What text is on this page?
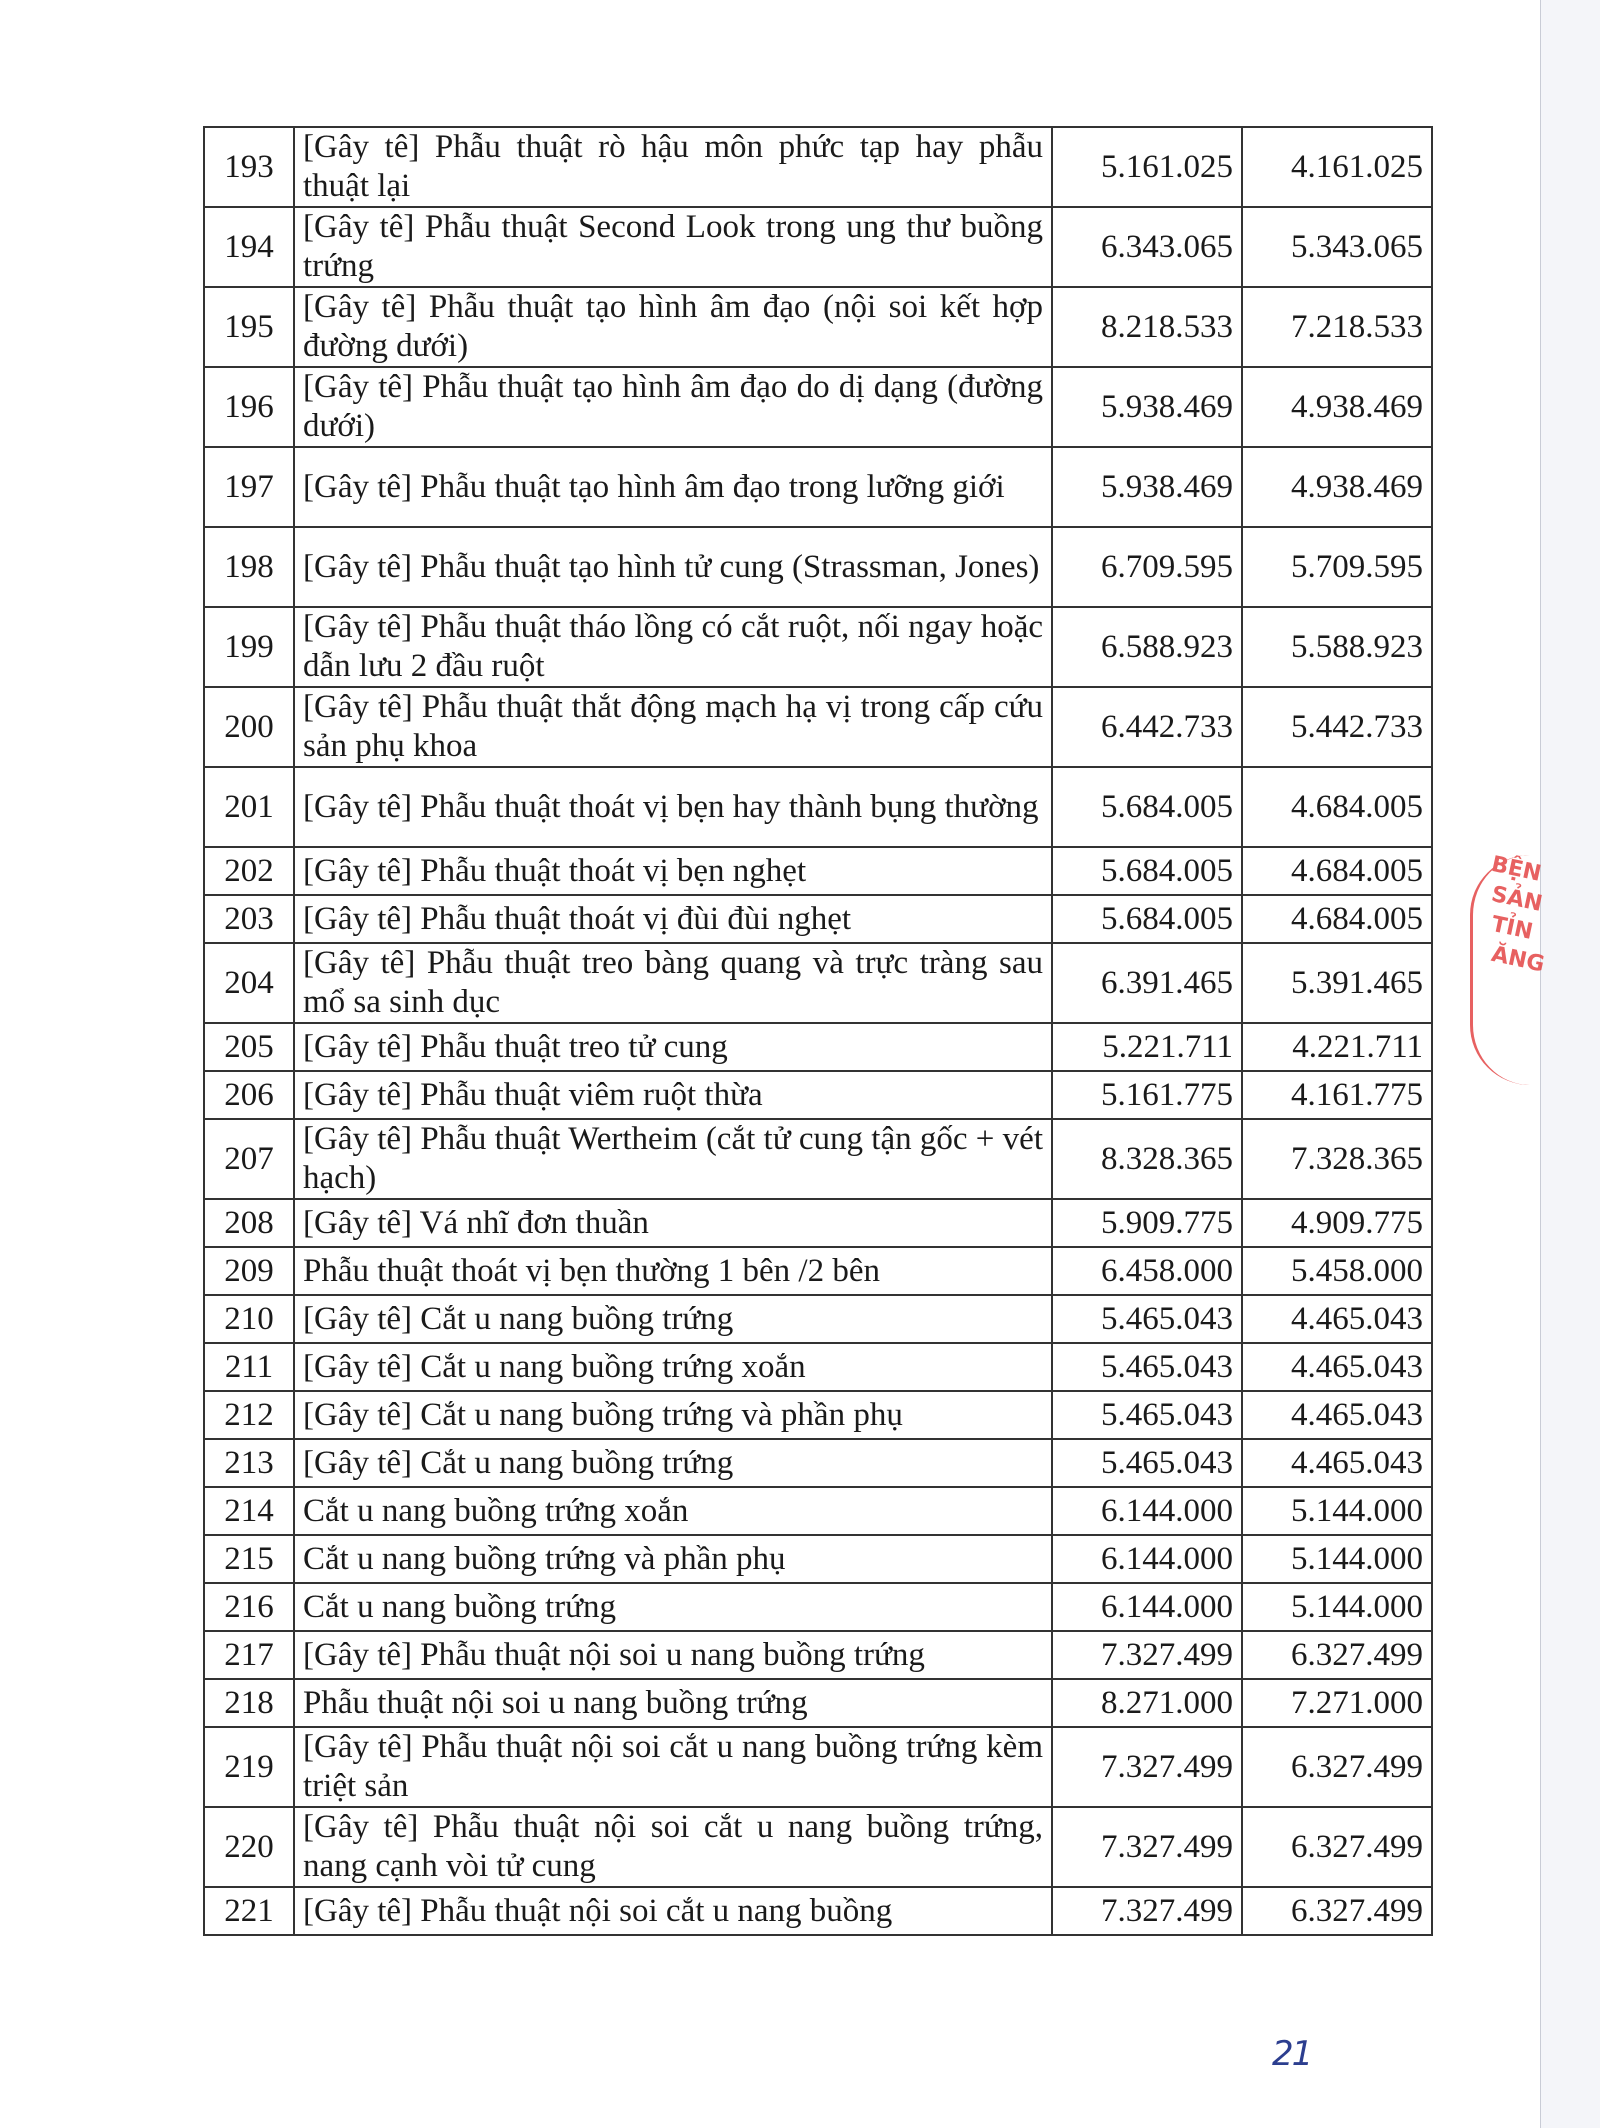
193	[Gây tê] Phẫu thuật rò hậu môn phức tạp hay phẫu thuật lại	5.161.025	4.161.025
194	[Gây tê] Phẫu thuật Second Look trong ung thư buồng trứng	6.343.065	5.343.065
195	[Gây tê] Phẫu thuật tạo hình âm đạo (nội soi kết hợp đường dưới)	8.218.533	7.218.533
196	[Gây tê] Phẫu thuật tạo hình âm đạo do dị dạng (đường dưới)	5.938.469	4.938.469
197	[Gây tê] Phẫu thuật tạo hình âm đạo trong lưỡng giới	5.938.469	4.938.469
198	[Gây tê] Phẫu thuật tạo hình tử cung (Strassman, Jones)	6.709.595	5.709.595
199	[Gây tê] Phẫu thuật tháo lồng có cắt ruột, nối ngay hoặc dẫn lưu 2 đầu ruột	6.588.923	5.588.923
200	[Gây tê] Phẫu thuật thắt động mạch hạ vị trong cấp cứu sản phụ khoa	6.442.733	5.442.733
201	[Gây tê] Phẫu thuật thoát vị bẹn hay thành bụng thường	5.684.005	4.684.005
202	[Gây tê] Phẫu thuật thoát vị bẹn nghẹt	5.684.005	4.684.005
203	[Gây tê] Phẫu thuật thoát vị đùi đùi nghẹt	5.684.005	4.684.005
204	[Gây tê] Phẫu thuật treo bàng quang và trực tràng sau mổ sa sinh dục	6.391.465	5.391.465
205	[Gây tê] Phẫu thuật treo tử cung	5.221.711	4.221.711
206	[Gây tê] Phẫu thuật viêm ruột thừa	5.161.775	4.161.775
207	[Gây tê] Phẫu thuật Wertheim (cắt tử cung tận gốc + vét hạch)	8.328.365	7.328.365
208	[Gây tê] Vá nhĩ đơn thuần	5.909.775	4.909.775
209	Phẫu thuật thoát vị bẹn thường 1 bên /2 bên	6.458.000	5.458.000
210	[Gây tê] Cắt u nang buồng trứng	5.465.043	4.465.043
211	[Gây tê] Cắt u nang buồng trứng xoắn	5.465.043	4.465.043
212	[Gây tê] Cắt u nang buồng trứng và phần phụ	5.465.043	4.465.043
213	[Gây tê] Cắt u nang buồng trứng	5.465.043	4.465.043
214	Cắt u nang buồng trứng xoắn	6.144.000	5.144.000
215	Cắt u nang buồng trứng và phần phụ	6.144.000	5.144.000
216	Cắt u nang buồng trứng	6.144.000	5.144.000
217	[Gây tê] Phẫu thuật nội soi u nang buồng trứng	7.327.499	6.327.499
218	Phẫu thuật nội soi u nang buồng trứng	8.271.000	7.271.000
219	[Gây tê] Phẫu thuật nội soi cắt u nang buồng trứng kèm triệt sản	7.327.499	6.327.499
220	[Gây tê] Phẫu thuật nội soi cắt u nang buồng trứng, nang cạnh vòi tử cung	7.327.499	6.327.499
221	[Gây tê] Phẫu thuật nội soi cắt u nang buồng	7.327.499	6.327.499
BỆN
SẢN
TỈN
ĂNG
21
